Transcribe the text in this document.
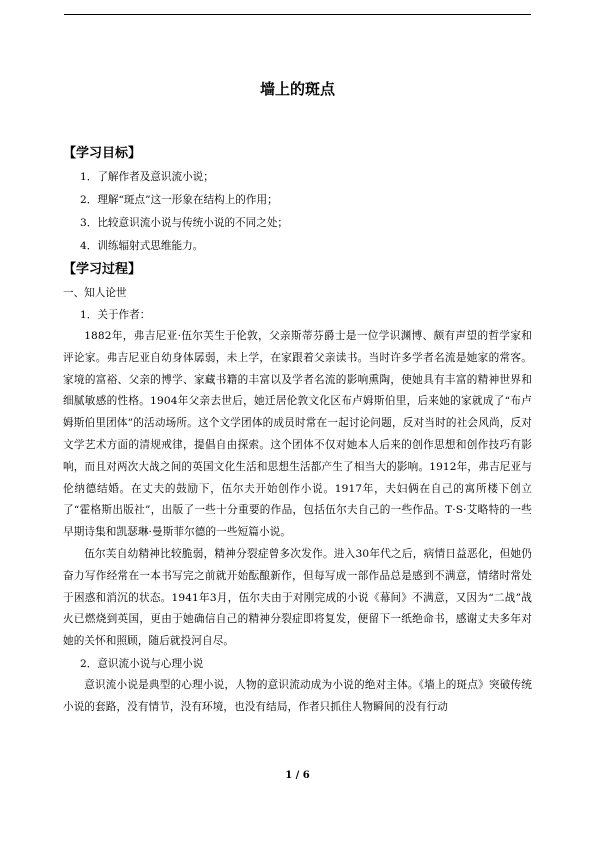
墙上的斑点
【学习目标】
1．了解作者及意识流小说；
2．理解“斑点”这一形象在结构上的作用；
3．比较意识流小说与传统小说的不同之处；
4．训练辐射式思维能力。
【学习过程】
一、知人论世
1．关于作者：

1882年，弗吉尼亚·伍尔芙生于伦敦，父亲斯蒂芬爵士是一位学识渊博、颇有声望的哲学家和评论家。弗吉尼亚自幼身体孱弱，未上学，在家跟着父亲读书。当时许多学者名流是她家的常客。家境的富裕、父亲的博学、家藏书籍的丰富以及学者名流的影响熏陶，使她具有丰富的精神世界和细腻敏感的性格。1904年父亲去世后，她迁居伦敦文化区布卢姆斯伯里，后来她的家就成了“布卢姆斯伯里团体”的活动场所。这个文学团体的成员时常在一起讨论问题，反对当时的社会风尚，反对文学艺术方面的清规戒律，提倡自由探索。这个团体不仅对她本人后来的创作思想和创作技巧有影响，而且对两次大战之间的英国文化生活和思想生活都产生了相当大的影响。1912年，弗吉尼亚与伦纳德结婚。在丈夫的鼓励下，伍尔夫开始创作小说。1917年，夫妇俩在自己的寓所楼下创立了“霍格斯出版社”，出版了一些十分重要的作品，包括伍尔夫自己的一些作品。T·S·艾略特的一些早期诗集和凯瑟琳·曼斯菲尔德的一些短篇小说。

伍尔芙自幼精神比较脆弱，精神分裂症曾多次发作。进入30年代之后，病情日益恶化，但她仍奋力写作经常在一本书写完之前就开始酝酿新作，但每写成一部作品总是感到不满意，情绪时常处于困惑和消沉的状态。1941年3月，伍尔夫由于对刚完成的小说《幕间》不满意，又因为“二战”战火已燃烧到英国，更由于她确信自己的精神分裂症即将复发，便留下一纸绝命书，感谢丈夫多年对她的关怀和照顾，随后就投河自尽。

2．意识流小说与心理小说

意识流小说是典型的心理小说，人物的意识流动成为小说的绝对主体。《墙上的斑点》突破传统小说的套路，没有情节，没有环境，也没有结局，作者只抓住人物瞬间的没有行动

1 / 6
